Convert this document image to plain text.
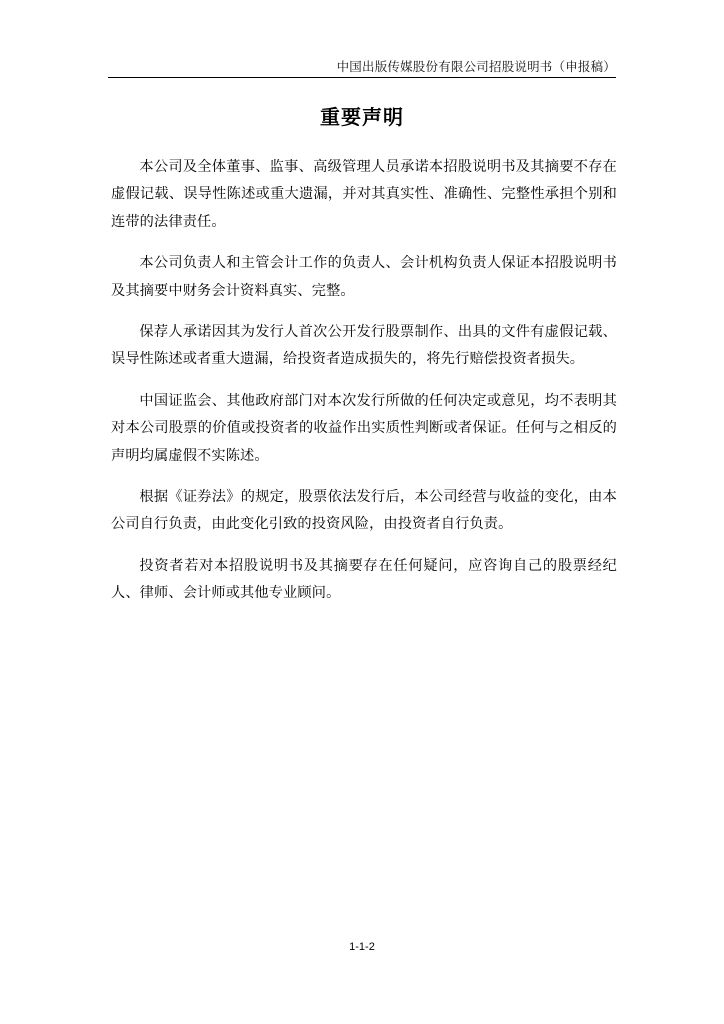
中国出版传媒股份有限公司招股说明书（申报稿）
重要声明

本公司及全体董事、监事、高级管理人员承诺本招股说明书及其摘要不存在虚假记载、误导性陈述或重大遗漏，并对其真实性、准确性、完整性承担个别和连带的法律责任。

本公司负责人和主管会计工作的负责人、会计机构负责人保证本招股说明书及其摘要中财务会计资料真实、完整。

保荐人承诺因其为发行人首次公开发行股票制作、出具的文件有虚假记载、误导性陈述或者重大遗漏，给投资者造成损失的，将先行赔偿投资者损失。

中国证监会、其他政府部门对本次发行所做的任何决定或意见，均不表明其对本公司股票的价值或投资者的收益作出实质性判断或者保证。任何与之相反的声明均属虚假不实陈述。

根据《证券法》的规定，股票依法发行后，本公司经营与收益的变化，由本公司自行负责，由此变化引致的投资风险，由投资者自行负责。

投资者若对本招股说明书及其摘要存在任何疑问，应咨询自己的股票经纪人、律师、会计师或其他专业顾问。

1-1-2
